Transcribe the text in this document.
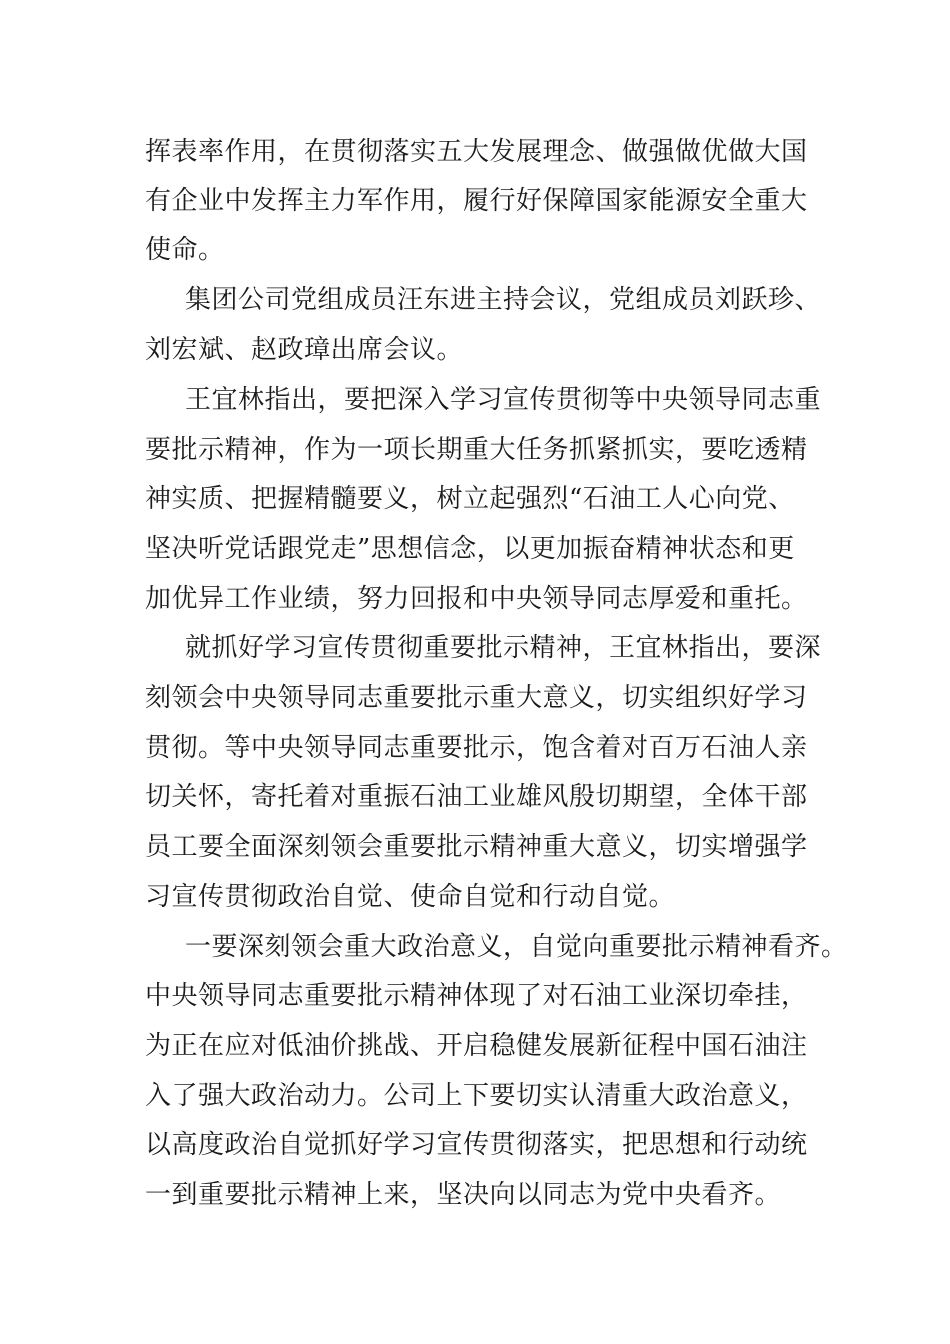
挥表率作用，在贯彻落实五大发展理念、做强做优做大国
有企业中发挥主力军作用，履行好保障国家能源安全重大
使命。
集团公司党组成员汪东进主持会议，党组成员刘跃珍、
刘宏斌、赵政璋出席会议。
王宜林指出，要把深入学习宣传贯彻等中央领导同志重
要批示精神，作为一项长期重大任务抓紧抓实，要吃透精
神实质、把握精髓要义，树立起强烈“石油工人心向党、
坚决听党话跟党走”思想信念，以更加振奋精神状态和更
加优异工作业绩，努力回报和中央领导同志厚爱和重托。
就抓好学习宣传贯彻重要批示精神，王宜林指出，要深
刻领会中央领导同志重要批示重大意义，切实组织好学习
贯彻。等中央领导同志重要批示，饱含着对百万石油人亲
切关怀，寄托着对重振石油工业雄风殷切期望，全体干部
员工要全面深刻领会重要批示精神重大意义，切实增强学
习宣传贯彻政治自觉、使命自觉和行动自觉。
一要深刻领会重大政治意义，自觉向重要批示精神看齐。
中央领导同志重要批示精神体现了对石油工业深切牵挂，
为正在应对低油价挑战、开启稳健发展新征程中国石油注
入了强大政治动力。公司上下要切实认清重大政治意义，
以高度政治自觉抓好学习宣传贯彻落实，把思想和行动统
一到重要批示精神上来，坚决向以同志为党中央看齐。
